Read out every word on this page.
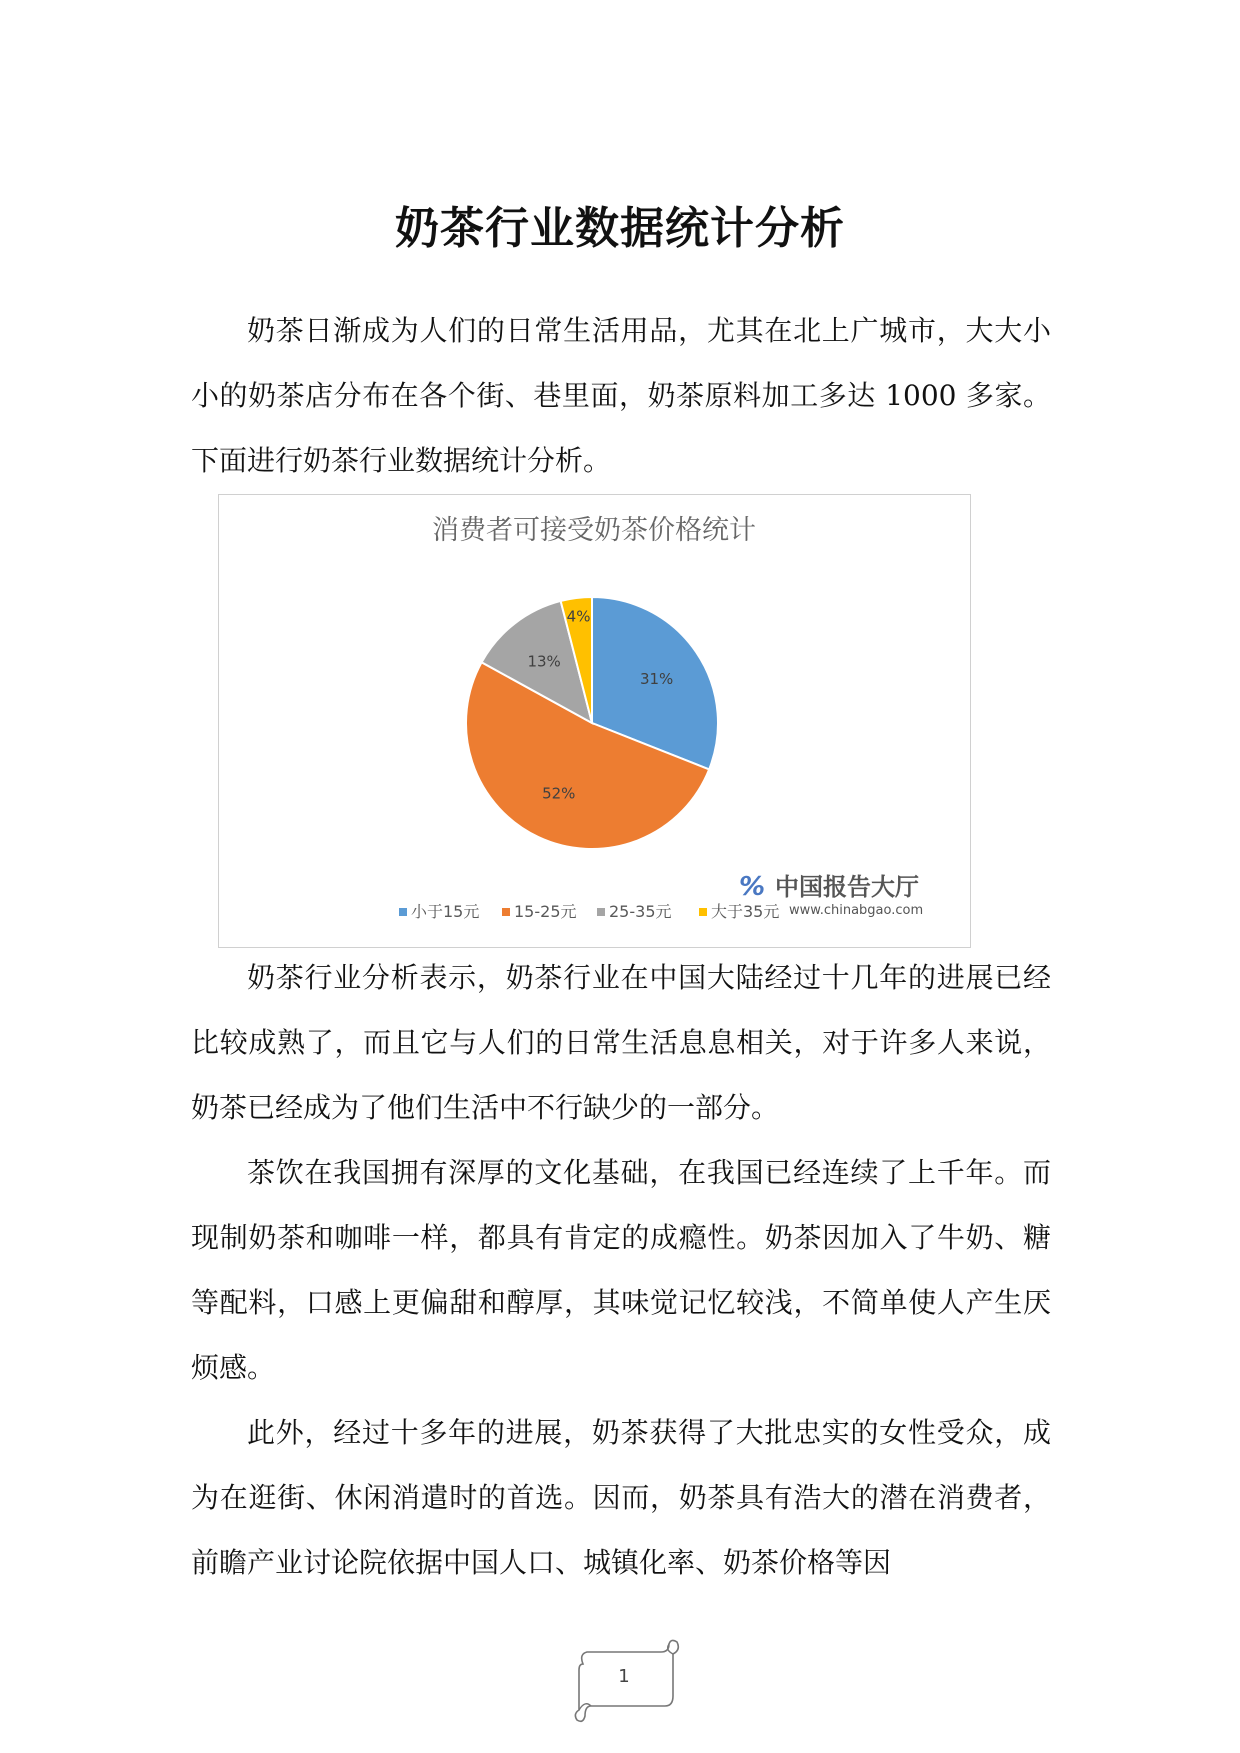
奶茶行业数据统计分析

奶茶日渐成为人们的日常生活用品，尤其在北上广城市，大大小小的奶茶店分布在各个街、巷里面，奶茶原料加工多达 1000 多家。下面进行奶茶行业数据统计分析。

消费者可接受奶茶价格统计
31%
52%
13%
4%
小于15元 15-25元 25-35元 大于35元
% 中国报告大厅
www.chinabgao.com

奶茶行业分析表示，奶茶行业在中国大陆经过十几年的进展已经比较成熟了，而且它与人们的日常生活息息相关，对于许多人来说，奶茶已经成为了他们生活中不行缺少的一部分。

茶饮在我国拥有深厚的文化基础，在我国已经连续了上千年。而现制奶茶和咖啡一样，都具有肯定的成瘾性。奶茶因加入了牛奶、糖等配料，口感上更偏甜和醇厚，其味觉记忆较浅，不简单使人产生厌烦感。

此外，经过十多年的进展，奶茶获得了大批忠实的女性受众，成为在逛街、休闲消遣时的首选。因而，奶茶具有浩大的潜在消费者，前瞻产业讨论院依据中国人口、城镇化率、奶茶价格等因

1
